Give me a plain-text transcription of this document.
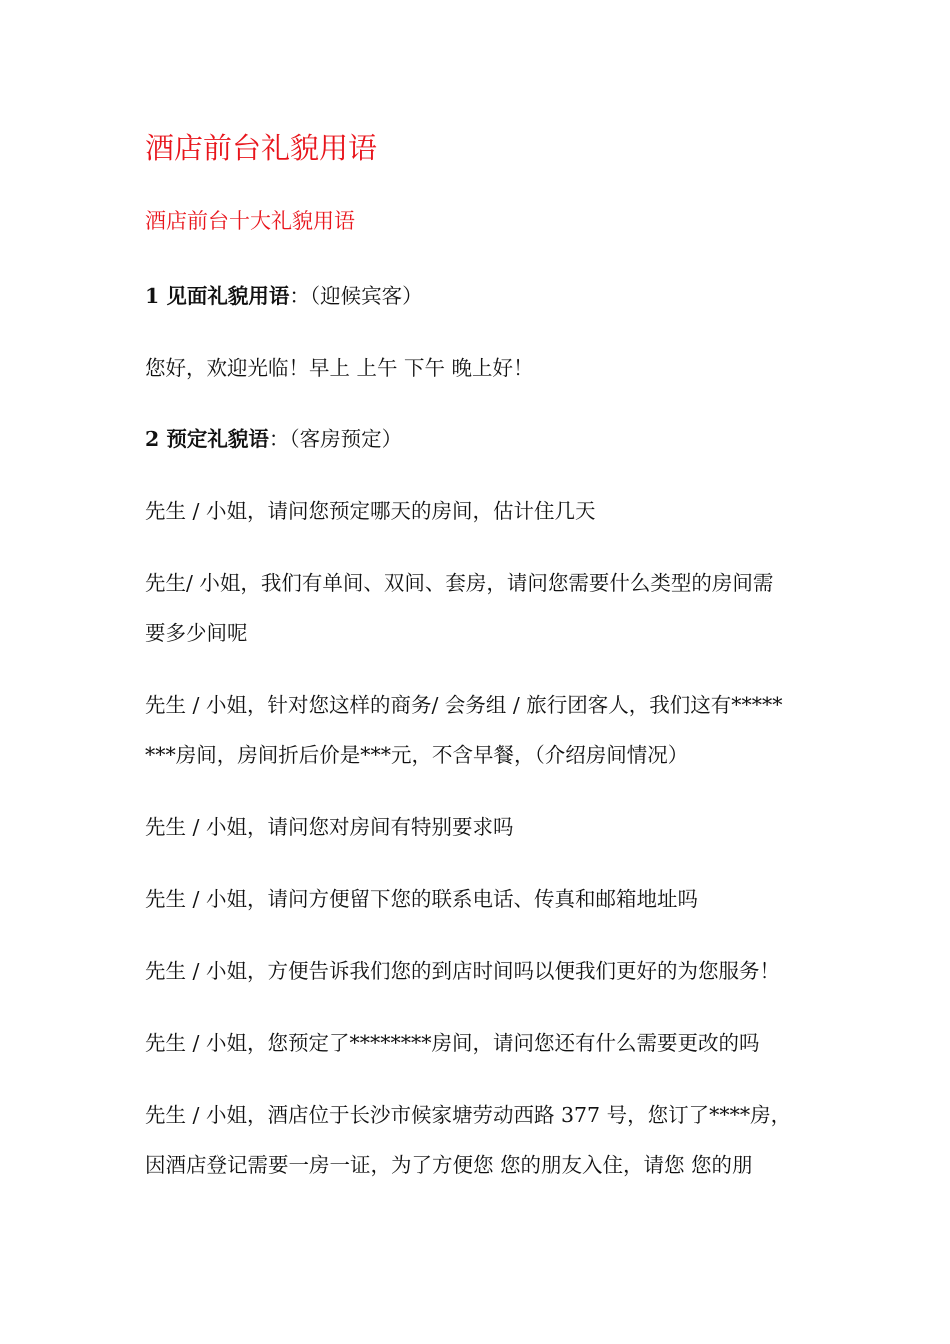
酒店前台礼貌用语
酒店前台十大礼貌用语
1 见面礼貌用语：（迎候宾客）
您好，欢迎光临！早上 上午 下午 晚上好！
2 预定礼貌语：（客房预定）
先生 / 小姐，请问您预定哪天的房间，估计住几天
先生/ 小姐，我们有单间、双间、套房，请问您需要什么类型的房间需
要多少间呢
先生 / 小姐，针对您这样的商务/ 会务组 / 旅行团客人，我们这有*****
***房间，房间折后价是***元，不含早餐，（介绍房间情况）
先生 / 小姐，请问您对房间有特别要求吗
先生 / 小姐，请问方便留下您的联系电话、传真和邮箱地址吗
先生 / 小姐，方便告诉我们您的到店时间吗以便我们更好的为您服务！
先生 / 小姐，您预定了********房间，请问您还有什么需要更改的吗
先生 / 小姐，酒店位于长沙市候家塘劳动西路 377 号，您订了****房，
因酒店登记需要一房一证，为了方便您 您的朋友入住，请您 您的朋
